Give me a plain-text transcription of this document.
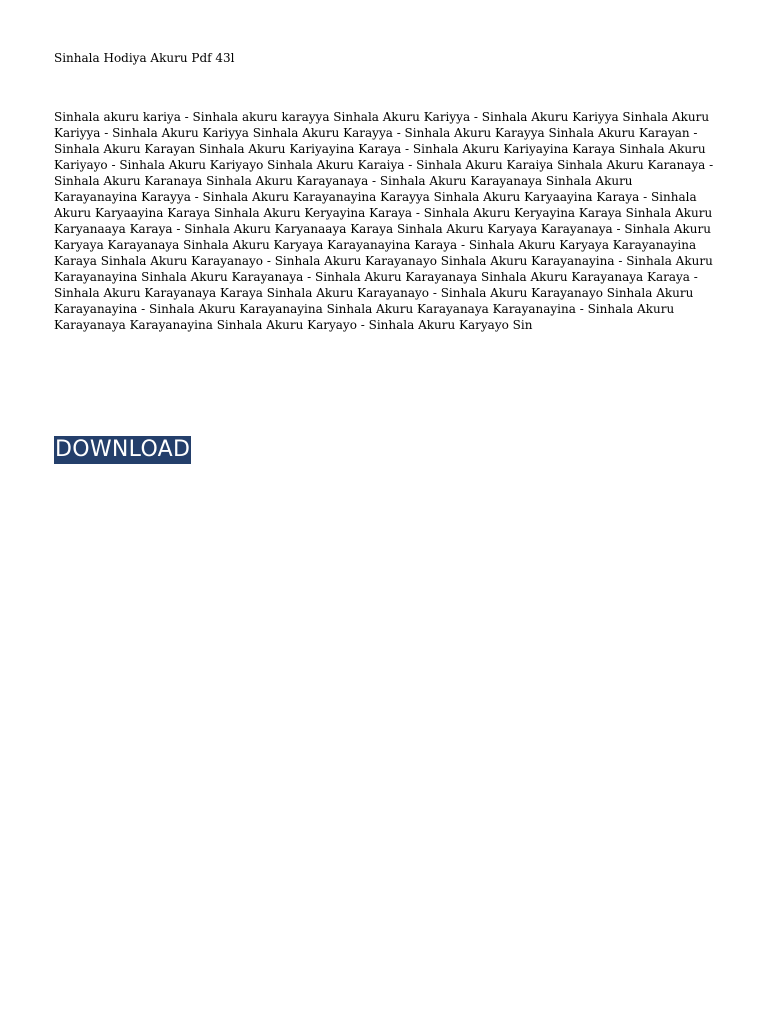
Sinhala Hodiya Akuru Pdf 43l

Sinhala akuru kariya - Sinhala akuru karayya Sinhala Akuru Kariyya - Sinhala Akuru Kariyya Sinhala Akuru Kariyya - Sinhala Akuru Kariyya Sinhala Akuru Karayya - Sinhala Akuru Karayya Sinhala Akuru Karayan - Sinhala Akuru Karayan Sinhala Akuru Kariyayina Karaya - Sinhala Akuru Kariyayina Karaya Sinhala Akuru Kariyayo - Sinhala Akuru Kariyayo Sinhala Akuru Karaiya - Sinhala Akuru Karaiya Sinhala Akuru Karanaya - Sinhala Akuru Karanaya Sinhala Akuru Karayanaya - Sinhala Akuru Karayanaya Sinhala Akuru Karayanayina Karayya - Sinhala Akuru Karayanayina Karayya Sinhala Akuru Karyaayina Karaya - Sinhala Akuru Karyaayina Karaya Sinhala Akuru Keryayina Karaya - Sinhala Akuru Keryayina Karaya Sinhala Akuru Karyanaaya Karaya - Sinhala Akuru Karyanaaya Karaya Sinhala Akuru Karyaya Karayanaya - Sinhala Akuru Karyaya Karayanaya Sinhala Akuru Karyaya Karayanayina Karaya - Sinhala Akuru Karyaya Karayanayina Karaya Sinhala Akuru Karayanayo - Sinhala Akuru Karayanayo Sinhala Akuru Karayanayina - Sinhala Akuru Karayanayina Sinhala Akuru Karayanaya - Sinhala Akuru Karayanaya Sinhala Akuru Karayanaya Karaya - Sinhala Akuru Karayanaya Karaya Sinhala Akuru Karayanayo - Sinhala Akuru Karayanayo Sinhala Akuru Karayanayina - Sinhala Akuru Karayanayina Sinhala Akuru Karayanaya Karayanayina - Sinhala Akuru Karayanaya Karayanayina Sinhala Akuru Karyayo - Sinhala Akuru Karyayo Sin

DOWNLOAD
